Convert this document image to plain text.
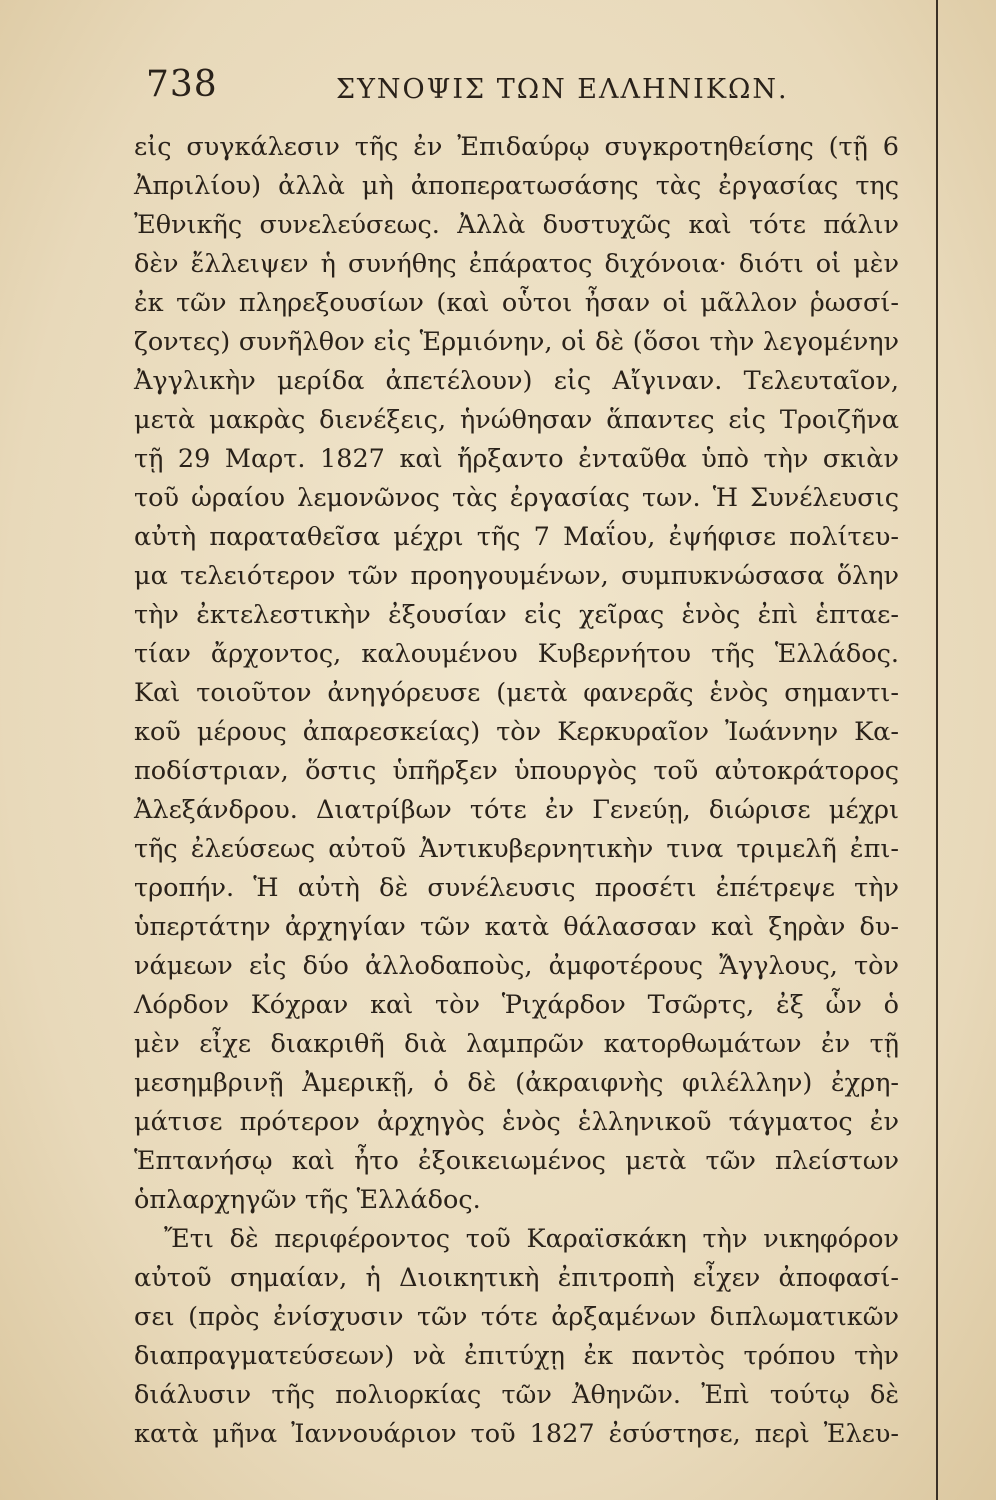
738	ΣΥΝΟΨΙΣ ΤΩΝ ΕΛΛΗΝΙΚΩΝ.
εἰς συγκάλεσιν τῆς ἐν Ἐπιδαύρῳ συγκροτηθείσης (τῇ 6
Ἀπριλίου) ἀλλὰ μὴ ἀποπερατωσάσης τὰς ἐργασίας της
Ἐθνικῆς συνελεύσεως. Ἀλλὰ δυστυχῶς καὶ τότε πάλιν
δὲν ἔλλειψεν ἡ συνήθης ἐπάρατος διχόνοια· διότι οἱ μὲν
ἐκ τῶν πληρεξουσίων (καὶ οὗτοι ἦσαν οἱ μᾶλλον ῥωσσί-
ζοντες) συνῆλθον εἰς Ἑρμιόνην, οἱ δὲ (ὅσοι τὴν λεγομένην
Ἀγγλικὴν μερίδα ἀπετέλουν) εἰς Αἴγιναν. Τελευταῖον,
μετὰ μακρὰς διενέξεις, ἡνώθησαν ἅπαντες εἰς Τροιζῆνα
τῇ 29 Μαρτ. 1827 καὶ ἤρξαντο ἐνταῦθα ὑπὸ τὴν σκιὰν
τοῦ ὡραίου λεμονῶνος τὰς ἐργασίας των. Ἡ Συνέλευσις
αὐτὴ παραταθεῖσα μέχρι τῆς 7 Μαΐου, ἐψήφισε πολίτευ-
μα τελειότερον τῶν προηγουμένων, συμπυκνώσασα ὅλην
τὴν ἐκτελεστικὴν ἐξουσίαν εἰς χεῖρας ἑνὸς ἐπὶ ἑπταε-
τίαν ἄρχοντος, καλουμένου Κυβερνήτου τῆς Ἑλλάδος.
Καὶ τοιοῦτον ἀνηγόρευσε (μετὰ φανερᾶς ἑνὸς σημαντι-
κοῦ μέρους ἀπαρεσκείας) τὸν Κερκυραῖον Ἰωάννην Κα-
ποδίστριαν, ὅστις ὑπῆρξεν ὑπουργὸς τοῦ αὐτοκράτορος
Ἀλεξάνδρου. Διατρίβων τότε ἐν Γενεύῃ, διώρισε μέχρι
τῆς ἐλεύσεως αὐτοῦ Ἀντικυβερνητικὴν τινα τριμελῆ ἐπι-
τροπήν. Ἡ αὐτὴ δὲ συνέλευσις προσέτι ἐπέτρεψε τὴν
ὑπερτάτην ἀρχηγίαν τῶν κατὰ θάλασσαν καὶ ξηρὰν δυ-
νάμεων εἰς δύο ἀλλοδαποὺς, ἀμφοτέρους Ἄγγλους, τὸν
Λόρδον Κόχραν καὶ τὸν Ῥιχάρδον Τσῶρτς, ἐξ ὧν ὁ
μὲν εἶχε διακριθῆ διὰ λαμπρῶν κατορθωμάτων ἐν τῇ
μεσημβρινῇ Ἀμερικῇ, ὁ δὲ (ἀκραιφνὴς φιλέλλην) ἐχρη-
μάτισε πρότερον ἀρχηγὸς ἑνὸς ἑλληνικοῦ τάγματος ἐν
Ἑπτανήσῳ καὶ ἦτο ἐξοικειωμένος μετὰ τῶν πλείστων
ὁπλαρχηγῶν τῆς Ἑλλάδος.
Ἔτι δὲ περιφέροντος τοῦ Καραϊσκάκη τὴν νικηφόρον
αὐτοῦ σημαίαν, ἡ Διοικητικὴ ἐπιτροπὴ εἶχεν ἀποφασί-
σει (πρὸς ἐνίσχυσιν τῶν τότε ἀρξαμένων διπλωματικῶν
διαπραγματεύσεων) νὰ ἐπιτύχῃ ἐκ παντὸς τρόπου τὴν
διάλυσιν τῆς πολιορκίας τῶν Ἀθηνῶν. Ἐπὶ τούτῳ δὲ
κατὰ μῆνα Ἰαννουάριον τοῦ 1827 ἐσύστησε, περὶ Ἐλευ-
